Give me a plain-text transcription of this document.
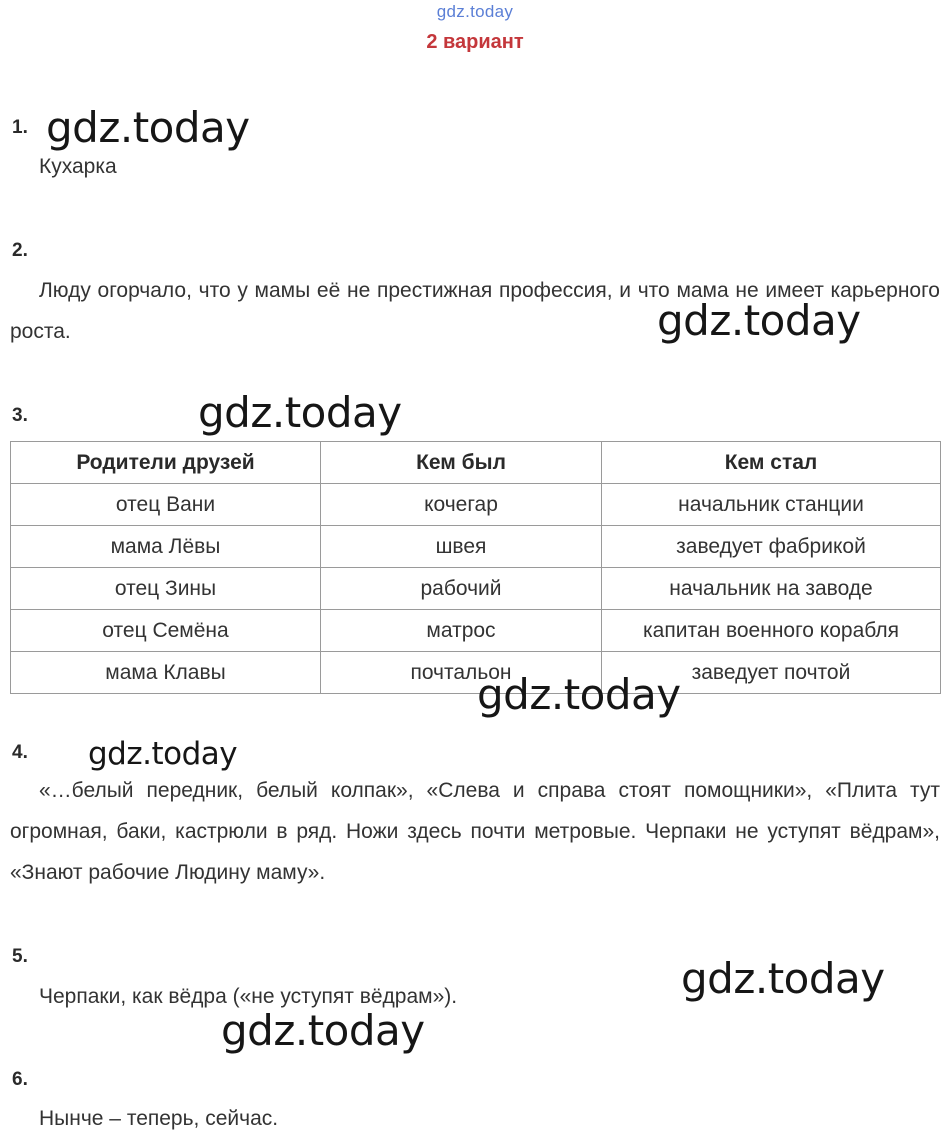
gdz.today
2 вариант
1.
Кухарка
2.
Люду огорчало, что у мамы её не престижная профессия, и что мама не имеет карьерного роста.
3.
Родители друзей	Кем был	Кем стал
отец Вани	кочегар	начальник станции
мама Лёвы	швея	заведует фабрикой
отец Зины	рабочий	начальник на заводе
отец Семёна	матрос	капитан военного корабля
мама Клавы	почтальон	заведует почтой
4.
«…белый передник, белый колпак», «Слева и справа стоят помощники», «Плита тут огромная, баки, кастрюли в ряд. Ножи здесь почти метровые. Черпаки не уступят вёдрам», «Знают рабочие Людину маму».
5.
Черпаки, как вёдра («не уступят вёдрам»).
6.
Нынче – теперь, сейчас.
gdz.today
gdz.today
gdz.today
gdz.today
gdz.today
gdz.today
gdz.today
